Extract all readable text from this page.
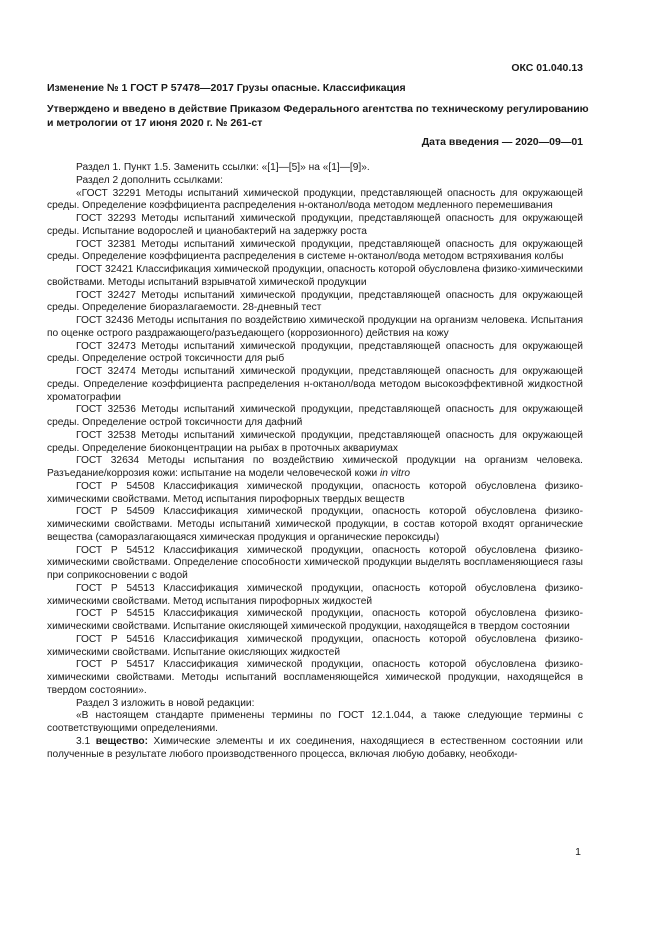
ОКС 01.040.13
Изменение № 1 ГОСТ Р 57478—2017 Грузы опасные. Классификация
Утверждено и введено в действие Приказом Федерального агентства по техническому регулированию и метрологии от 17 июня 2020 г. № 261-ст
Дата введения — 2020—09—01

Раздел 1. Пункт 1.5. Заменить ссылки: «[1]—[5]» на «[1]—[9]».

Раздел 2 дополнить ссылками:

«ГОСТ 32291 Методы испытаний химической продукции, представляющей опасность для окружающей среды. Определение коэффициента распределения н-октанол/вода методом медленного перемешивания

ГОСТ 32293 Методы испытаний химической продукции, представляющей опасность для окружающей среды. Испытание водорослей и цианобактерий на задержку роста

ГОСТ 32381 Методы испытаний химической продукции, представляющей опасность для окружающей среды. Определение коэффициента распределения в системе н-октанол/вода методом встряхивания колбы

ГОСТ 32421 Классификация химической продукции, опасность которой обусловлена физико-химическими свойствами. Методы испытаний взрывчатой химической продукции

ГОСТ 32427 Методы испытаний химической продукции, представляющей опасность для окружающей среды. Определение биоразлагаемости. 28-дневный тест

ГОСТ 32436 Методы испытания по воздействию химической продукции на организм человека. Испытания по оценке острого раздражающего/разъедающего (коррозионного) действия на кожу

ГОСТ 32473 Методы испытаний химической продукции, представляющей опасность для окружающей среды. Определение острой токсичности для рыб

ГОСТ 32474 Методы испытаний химической продукции, представляющей опасность для окружающей среды. Определение коэффициента распределения н-октанол/вода методом высокоэффективной жидкостной хроматографии

ГОСТ 32536 Методы испытаний химической продукции, представляющей опасность для окружающей среды. Определение острой токсичности для дафний

ГОСТ 32538 Методы испытаний химической продукции, представляющей опасность для окружающей среды. Определение биоконцентрации на рыбах в проточных аквариумах

ГОСТ 32634 Методы испытания по воздействию химической продукции на организм человека. Разъедание/коррозия кожи: испытание на модели человеческой кожи in vitro

ГОСТ Р 54508 Классификация химической продукции, опасность которой обусловлена физико-химическими свойствами. Метод испытания пирофорных твердых веществ

ГОСТ Р 54509 Классификация химической продукции, опасность которой обусловлена физико-химическими свойствами. Методы испытаний химической продукции, в состав которой входят органические вещества (саморазлагающаяся химическая продукция и органические пероксиды)

ГОСТ Р 54512 Классификация химической продукции, опасность которой обусловлена физико-химическими свойствами. Определение способности химической продукции выделять воспламеняющиеся газы при соприкосновении с водой

ГОСТ Р 54513 Классификация химической продукции, опасность которой обусловлена физико-химическими свойствами. Метод испытания пирофорных жидкостей

ГОСТ Р 54515 Классификация химической продукции, опасность которой обусловлена физико-химическими свойствами. Испытание окисляющей химической продукции, находящейся в твердом состоянии

ГОСТ Р 54516 Классификация химической продукции, опасность которой обусловлена физико-химическими свойствами. Испытание окисляющих жидкостей

ГОСТ Р 54517 Классификация химической продукции, опасность которой обусловлена физико-химическими свойствами. Методы испытаний воспламеняющейся химической продукции, находящейся в твердом состоянии».

Раздел 3 изложить в новой редакции:

«В настоящем стандарте применены термины по ГОСТ 12.1.044, а также следующие термины с соответствующими определениями.

3.1 вещество: Химические элементы и их соединения, находящиеся в естественном состоянии или полученные в результате любого производственного процесса, включая любую добавку, необходи-

1
